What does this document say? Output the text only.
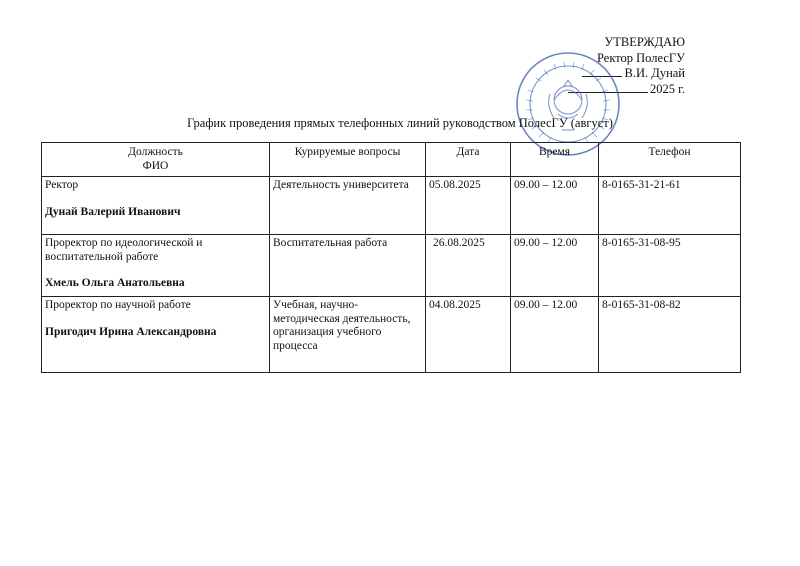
УТВЕРЖДАЮ
Ректор ПолесГУ
В.И. Дунай
2025 г.
График проведения прямых телефонных линий руководством ПолесГУ (август)
Должность
ФИО	Курируемые вопросы	Дата	Время	Телефон

Ректор
Дунай Валерий Иванович	Деятельность университета	05.08.2025	09.00 – 12.00	8-0165-31-21-61

Проректор по идеологической и воспитательной работе
Хмель Ольга Анатольевна	Воспитательная работа	26.08.2025	09.00 – 12.00	8-0165-31-08-95

Проректор по научной работе
Пригодич Ирина Александровна	Учебная, научно-методическая деятельность, организация учебного процесса	04.08.2025	09.00 – 12.00	8-0165-31-08-82
